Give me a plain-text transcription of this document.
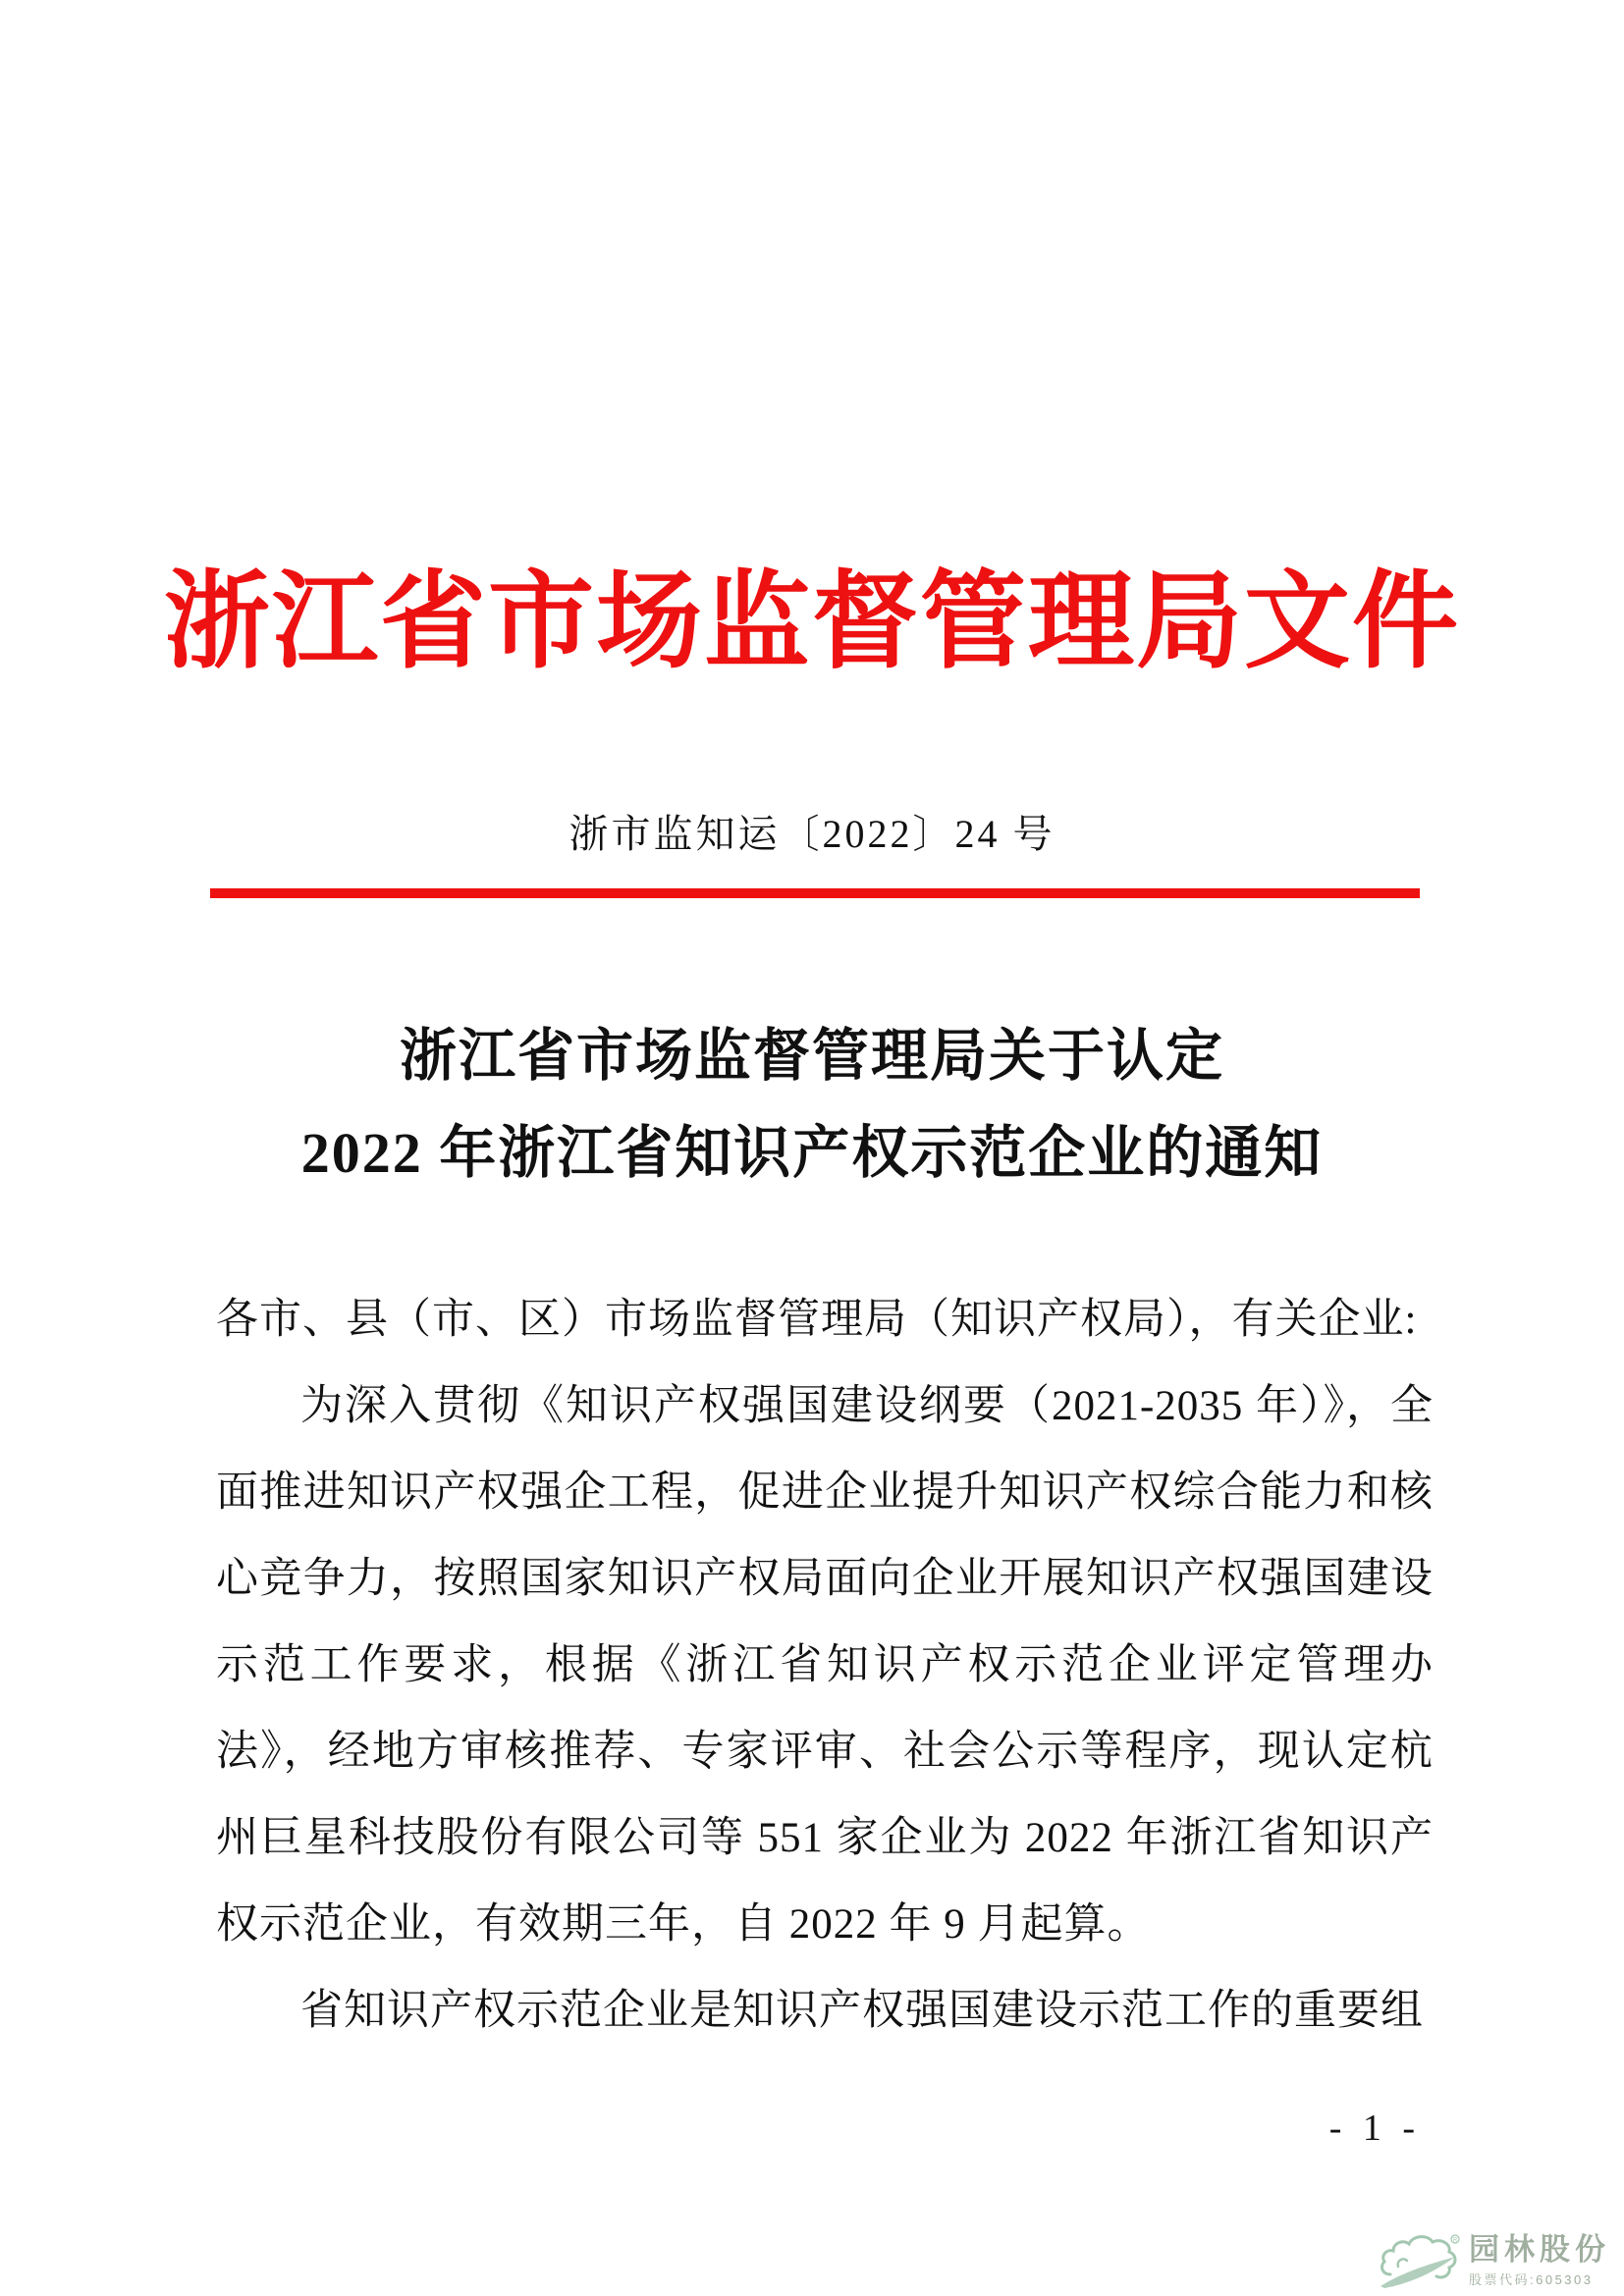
浙江省市场监督管理局文件
浙市监知运〔2022〕24 号
浙江省市场监督管理局关于认定
2022 年浙江省知识产权示范企业的通知

各市、县（市、区）市场监督管理局（知识产权局），有关企业:

为深入贯彻《知识产权强国建设纲要（2021-2035 年）》，全面推进知识产权强企工程，促进企业提升知识产权综合能力和核心竞争力，按照国家知识产权局面向企业开展知识产权强国建设示范工作要求，根据《浙江省知识产权示范企业评定管理办法》，经地方审核推荐、专家评审、社会公示等程序，现认定杭州巨星科技股份有限公司等 551 家企业为 2022 年浙江省知识产权示范企业，有效期三年，自 2022 年 9 月起算。

省知识产权示范企业是知识产权强国建设示范工作的重要组

- 1 -
R 园林股份
股票代码:605303
